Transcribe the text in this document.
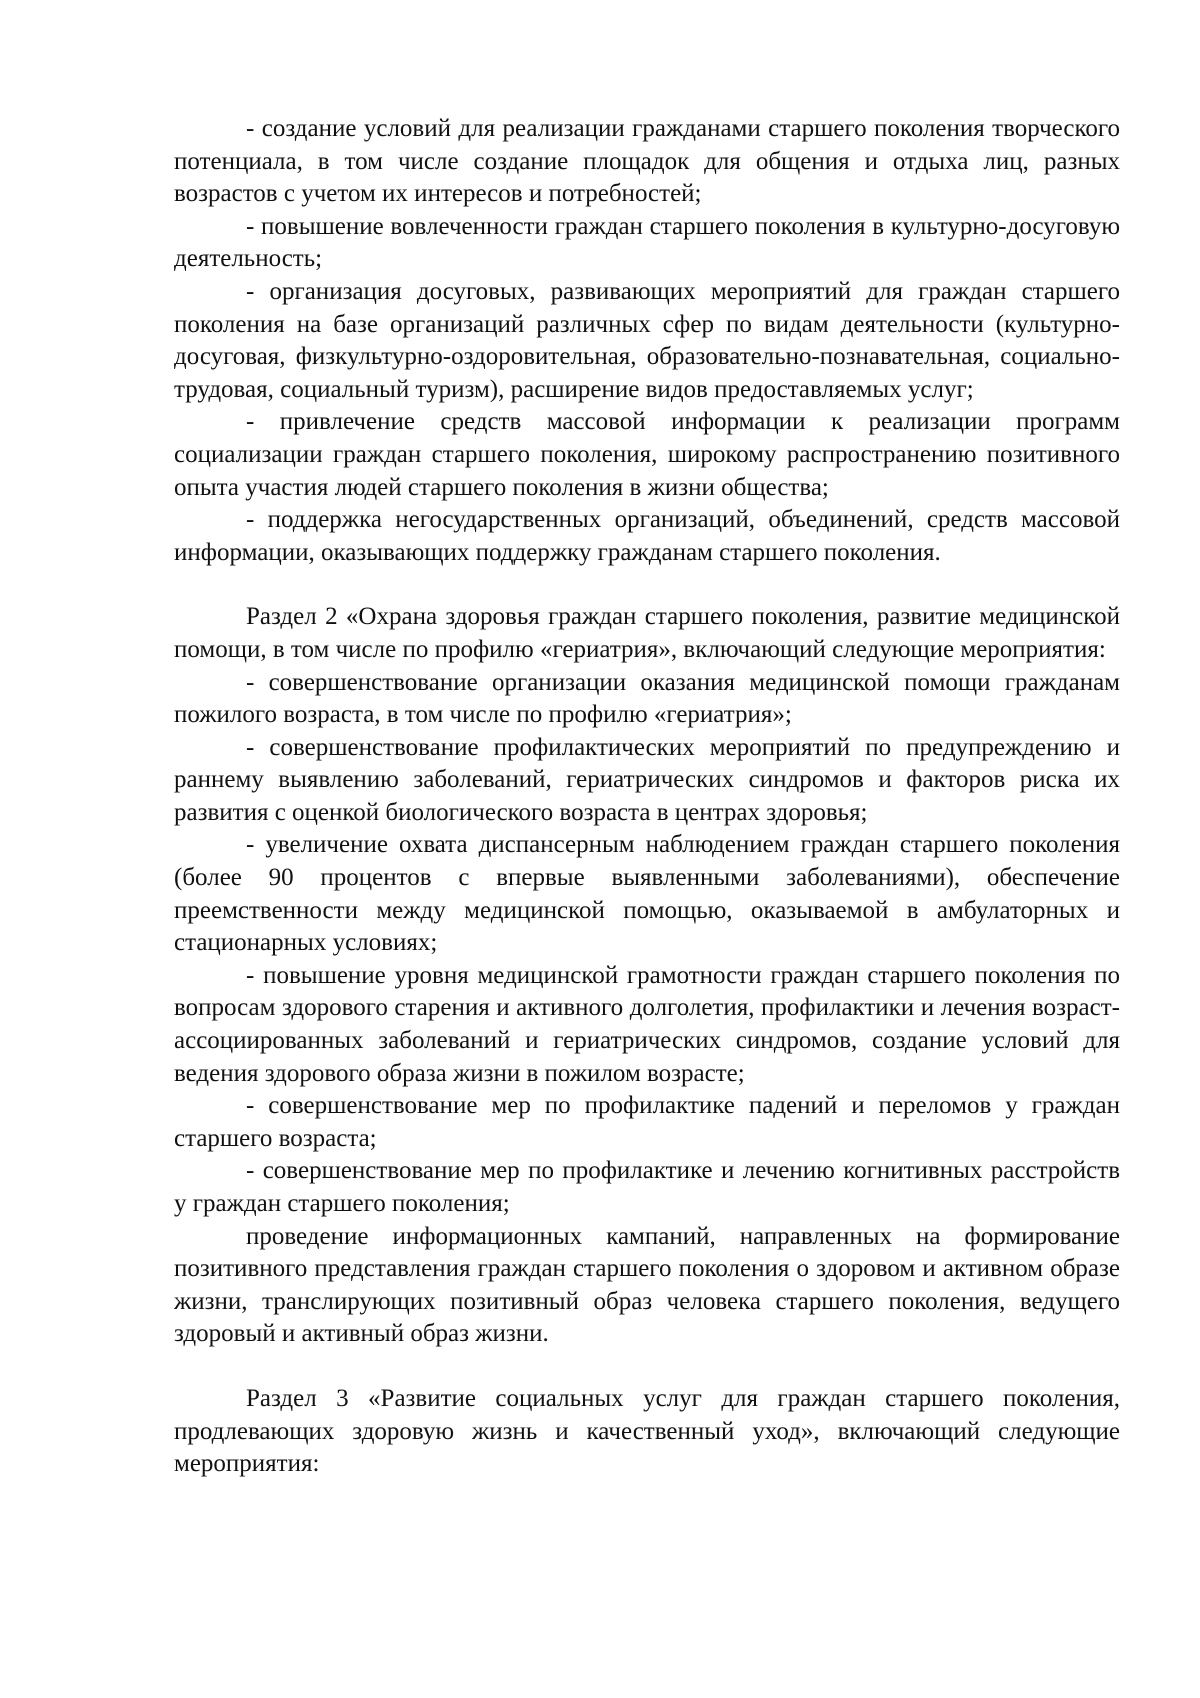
- создание условий для реализации гражданами старшего поколения творческого потенциала, в том числе создание площадок для общения и отдыха лиц, разных возрастов с учетом их интересов и потребностей;

- повышение вовлеченности граждан старшего поколения в культурно-досуговую деятельность;

- организация досуговых, развивающих мероприятий для граждан старшего поколения на базе организаций различных сфер по видам деятельности (культурно-досуговая, физкультурно-оздоровительная, образовательно-познавательная, социально-трудовая, социальный туризм), расширение видов предоставляемых услуг;

- привлечение средств массовой информации к реализации программ социализации граждан старшего поколения, широкому распространению позитивного опыта участия людей старшего поколения в жизни общества;

- поддержка негосударственных организаций, объединений, средств массовой информации, оказывающих поддержку гражданам старшего поколения.

Раздел 2 «Охрана здоровья граждан старшего поколения, развитие медицинской помощи, в том числе по профилю «гериатрия», включающий следующие мероприятия:

- совершенствование организации оказания медицинской помощи гражданам пожилого возраста, в том числе по профилю «гериатрия»;

- совершенствование профилактических мероприятий по предупреждению и раннему выявлению заболеваний, гериатрических синдромов и факторов риска их развития с оценкой биологического возраста в центрах здоровья;

- увеличение охвата диспансерным наблюдением граждан старшего поколения (более 90 процентов с впервые выявленными заболеваниями), обеспечение преемственности между медицинской помощью, оказываемой в амбулаторных и стационарных условиях;

- повышение уровня медицинской грамотности граждан старшего поколения по вопросам здорового старения и активного долголетия, профилактики и лечения возраст-ассоциированных заболеваний и гериатрических синдромов, создание условий для ведения здорового образа жизни в пожилом возрасте;

- совершенствование мер по профилактике падений и переломов у граждан старшего возраста;

- совершенствование мер по профилактике и лечению когнитивных расстройств у граждан старшего поколения;

проведение информационных кампаний, направленных на формирование позитивного представления граждан старшего поколения о здоровом и активном образе жизни, транслирующих позитивный образ человека старшего поколения, ведущего здоровый и активный образ жизни.

Раздел 3 «Развитие социальных услуг для граждан старшего поколения, продлевающих здоровую жизнь и качественный уход», включающий следующие мероприятия:
